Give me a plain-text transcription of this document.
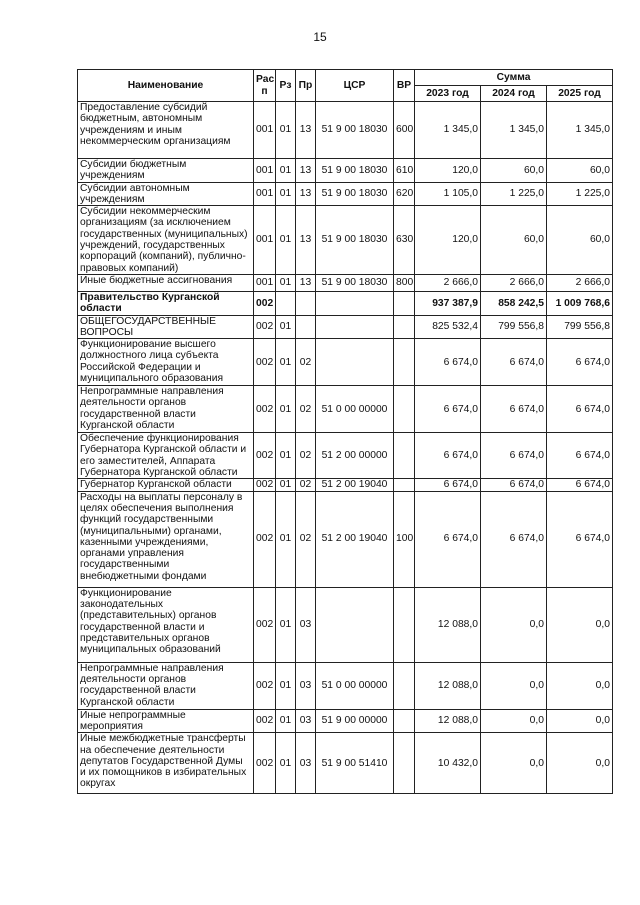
15
Наименование	Рас п	Рз	Пр	ЦСР	ВР	Сумма		
						2023 год	2024 год	2025 год
Предоставление субсидий бюджетным, автономным учреждениям и иным некоммерческим организациям	001	01	13	51 9 00 18030	600	1 345,0	1 345,0	1 345,0
Субсидии бюджетным учреждениям	001	01	13	51 9 00 18030	610	120,0	60,0	60,0
Субсидии автономным учреждениям	001	01	13	51 9 00 18030	620	1 105,0	1 225,0	1 225,0
Субсидии некоммерческим организациям (за исключением государственных (муниципальных) учреждений, государственных корпораций (компаний), публично-правовых компаний)	001	01	13	51 9 00 18030	630	120,0	60,0	60,0
Иные бюджетные ассигнования	001	01	13	51 9 00 18030	800	2 666,0	2 666,0	2 666,0
Правительство Курганской области	002					937 387,9	858 242,5	1 009 768,6
ОБЩЕГОСУДАРСТВЕННЫЕ ВОПРОСЫ	002	01				825 532,4	799 556,8	799 556,8
Функционирование высшего должностного лица субъекта Российской Федерации и муниципального образования	002	01	02			6 674,0	6 674,0	6 674,0
Непрограммные направления деятельности органов государственной власти Курганской области	002	01	02	51 0 00 00000		6 674,0	6 674,0	6 674,0
Обеспечение функционирования Губернатора Курганской области и его заместителей, Аппарата Губернатора Курганской области	002	01	02	51 2 00 00000		6 674,0	6 674,0	6 674,0
Губернатор Курганской области	002	01	02	51 2 00 19040		6 674,0	6 674,0	6 674,0
Расходы на выплаты персоналу в целях обеспечения выполнения функций государственными (муниципальными) органами, казенными учреждениями, органами управления государственными внебюджетными фондами	002	01	02	51 2 00 19040	100	6 674,0	6 674,0	6 674,0
Функционирование законодательных (представительных) органов государственной власти и представительных органов муниципальных образований	002	01	03			12 088,0	0,0	0,0
Непрограммные направления деятельности органов государственной власти Курганской области	002	01	03	51 0 00 00000		12 088,0	0,0	0,0
Иные непрограммные мероприятия	002	01	03	51 9 00 00000		12 088,0	0,0	0,0
Иные межбюджетные трансферты на обеспечение деятельности депутатов Государственной Думы и их помощников в избирательных округах	002	01	03	51 9 00 51410		10 432,0	0,0	0,0
